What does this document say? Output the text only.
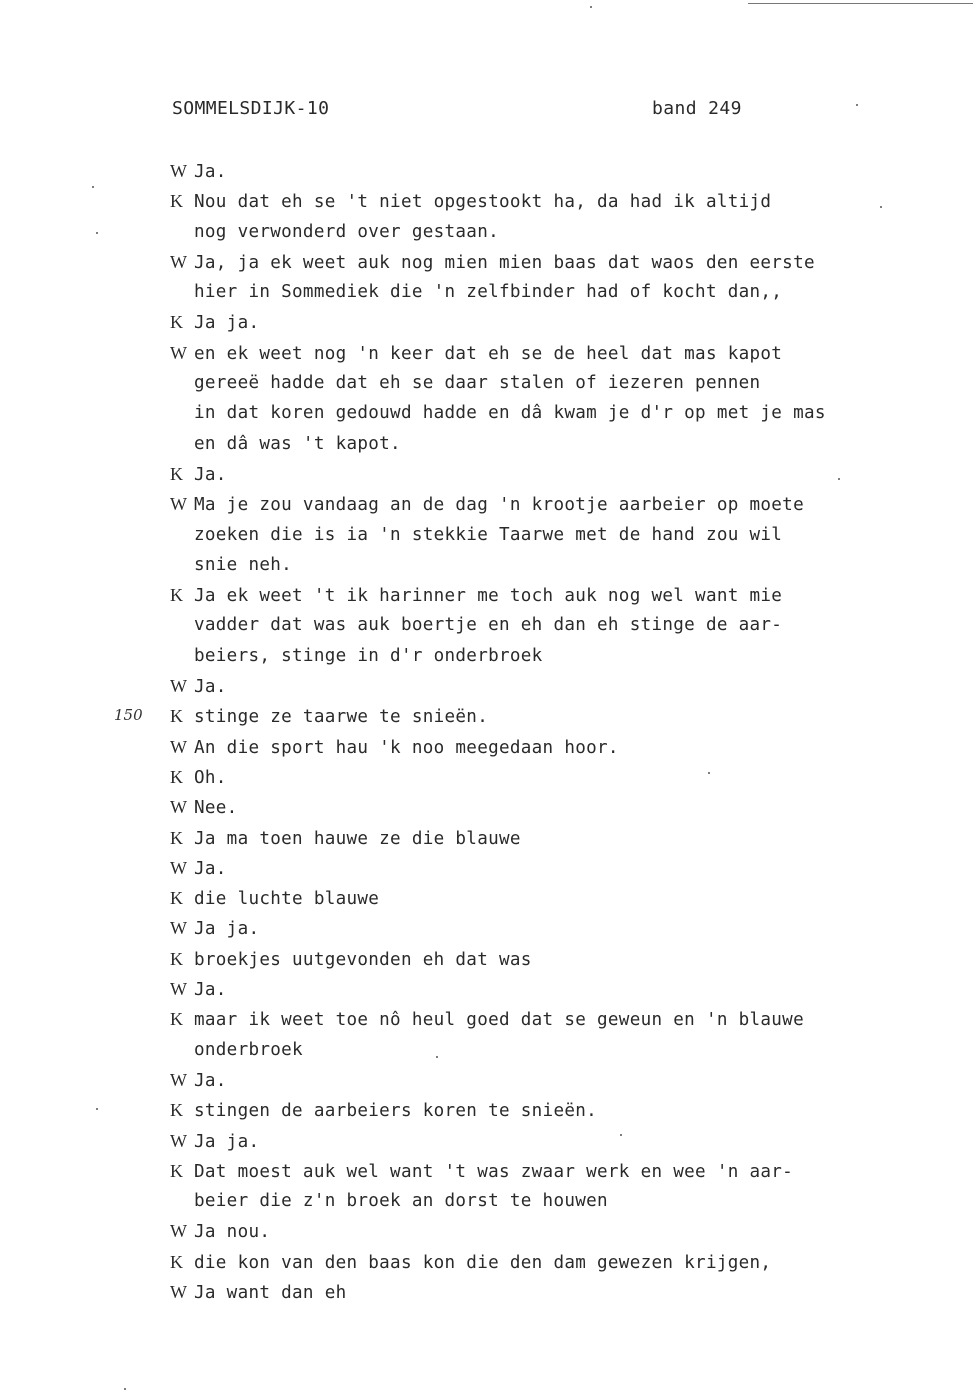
SOMMELSDIJK-10	band 249
150
W Ja.
K Nou dat eh se 't niet opgestookt ha, da had ik altijd
nog verwonderd over gestaan.
W Ja, ja ek weet auk nog mien mien baas dat waos den eerste
hier in Sommediek die 'n zelfbinder had of kocht dan,,
K Ja ja.
W en ek weet nog 'n keer dat eh se de heel dat mas kapot
gereeë hadde dat eh se daar stalen of iezeren pennen
in dat koren gedouwd hadde en dâ kwam je d'r op met je mas
en dâ was 't kapot.
K Ja.
W Ma je zou vandaag an de dag 'n krootje aarbeier op moete
zoeken die is ia 'n stekkie Taarwe met de hand zou wil
snie neh.
K Ja ek weet 't ik harinner me toch auk nog wel want mie
vadder dat was auk boertje en eh dan eh stinge de aar-
beiers, stinge in d'r onderbroek
W Ja.
K stinge ze taarwe te snieën.
W An die sport hau 'k noo meegedaan hoor.
K Oh.
W Nee.
K Ja ma toen hauwe ze die blauwe
W Ja.
K die luchte blauwe
W Ja ja.
K broekjes uutgevonden eh dat was
W Ja.
K maar ik weet toe nô heul goed dat se geweun en 'n blauwe
onderbroek
W Ja.
K stingen de aarbeiers koren te snieën.
W Ja ja.
K Dat moest auk wel want 't was zwaar werk en wee 'n aar-
beier die z'n broek an dorst te houwen
W Ja nou.
K die kon van den baas kon die den dam gewezen krijgen,
W Ja want dan eh
